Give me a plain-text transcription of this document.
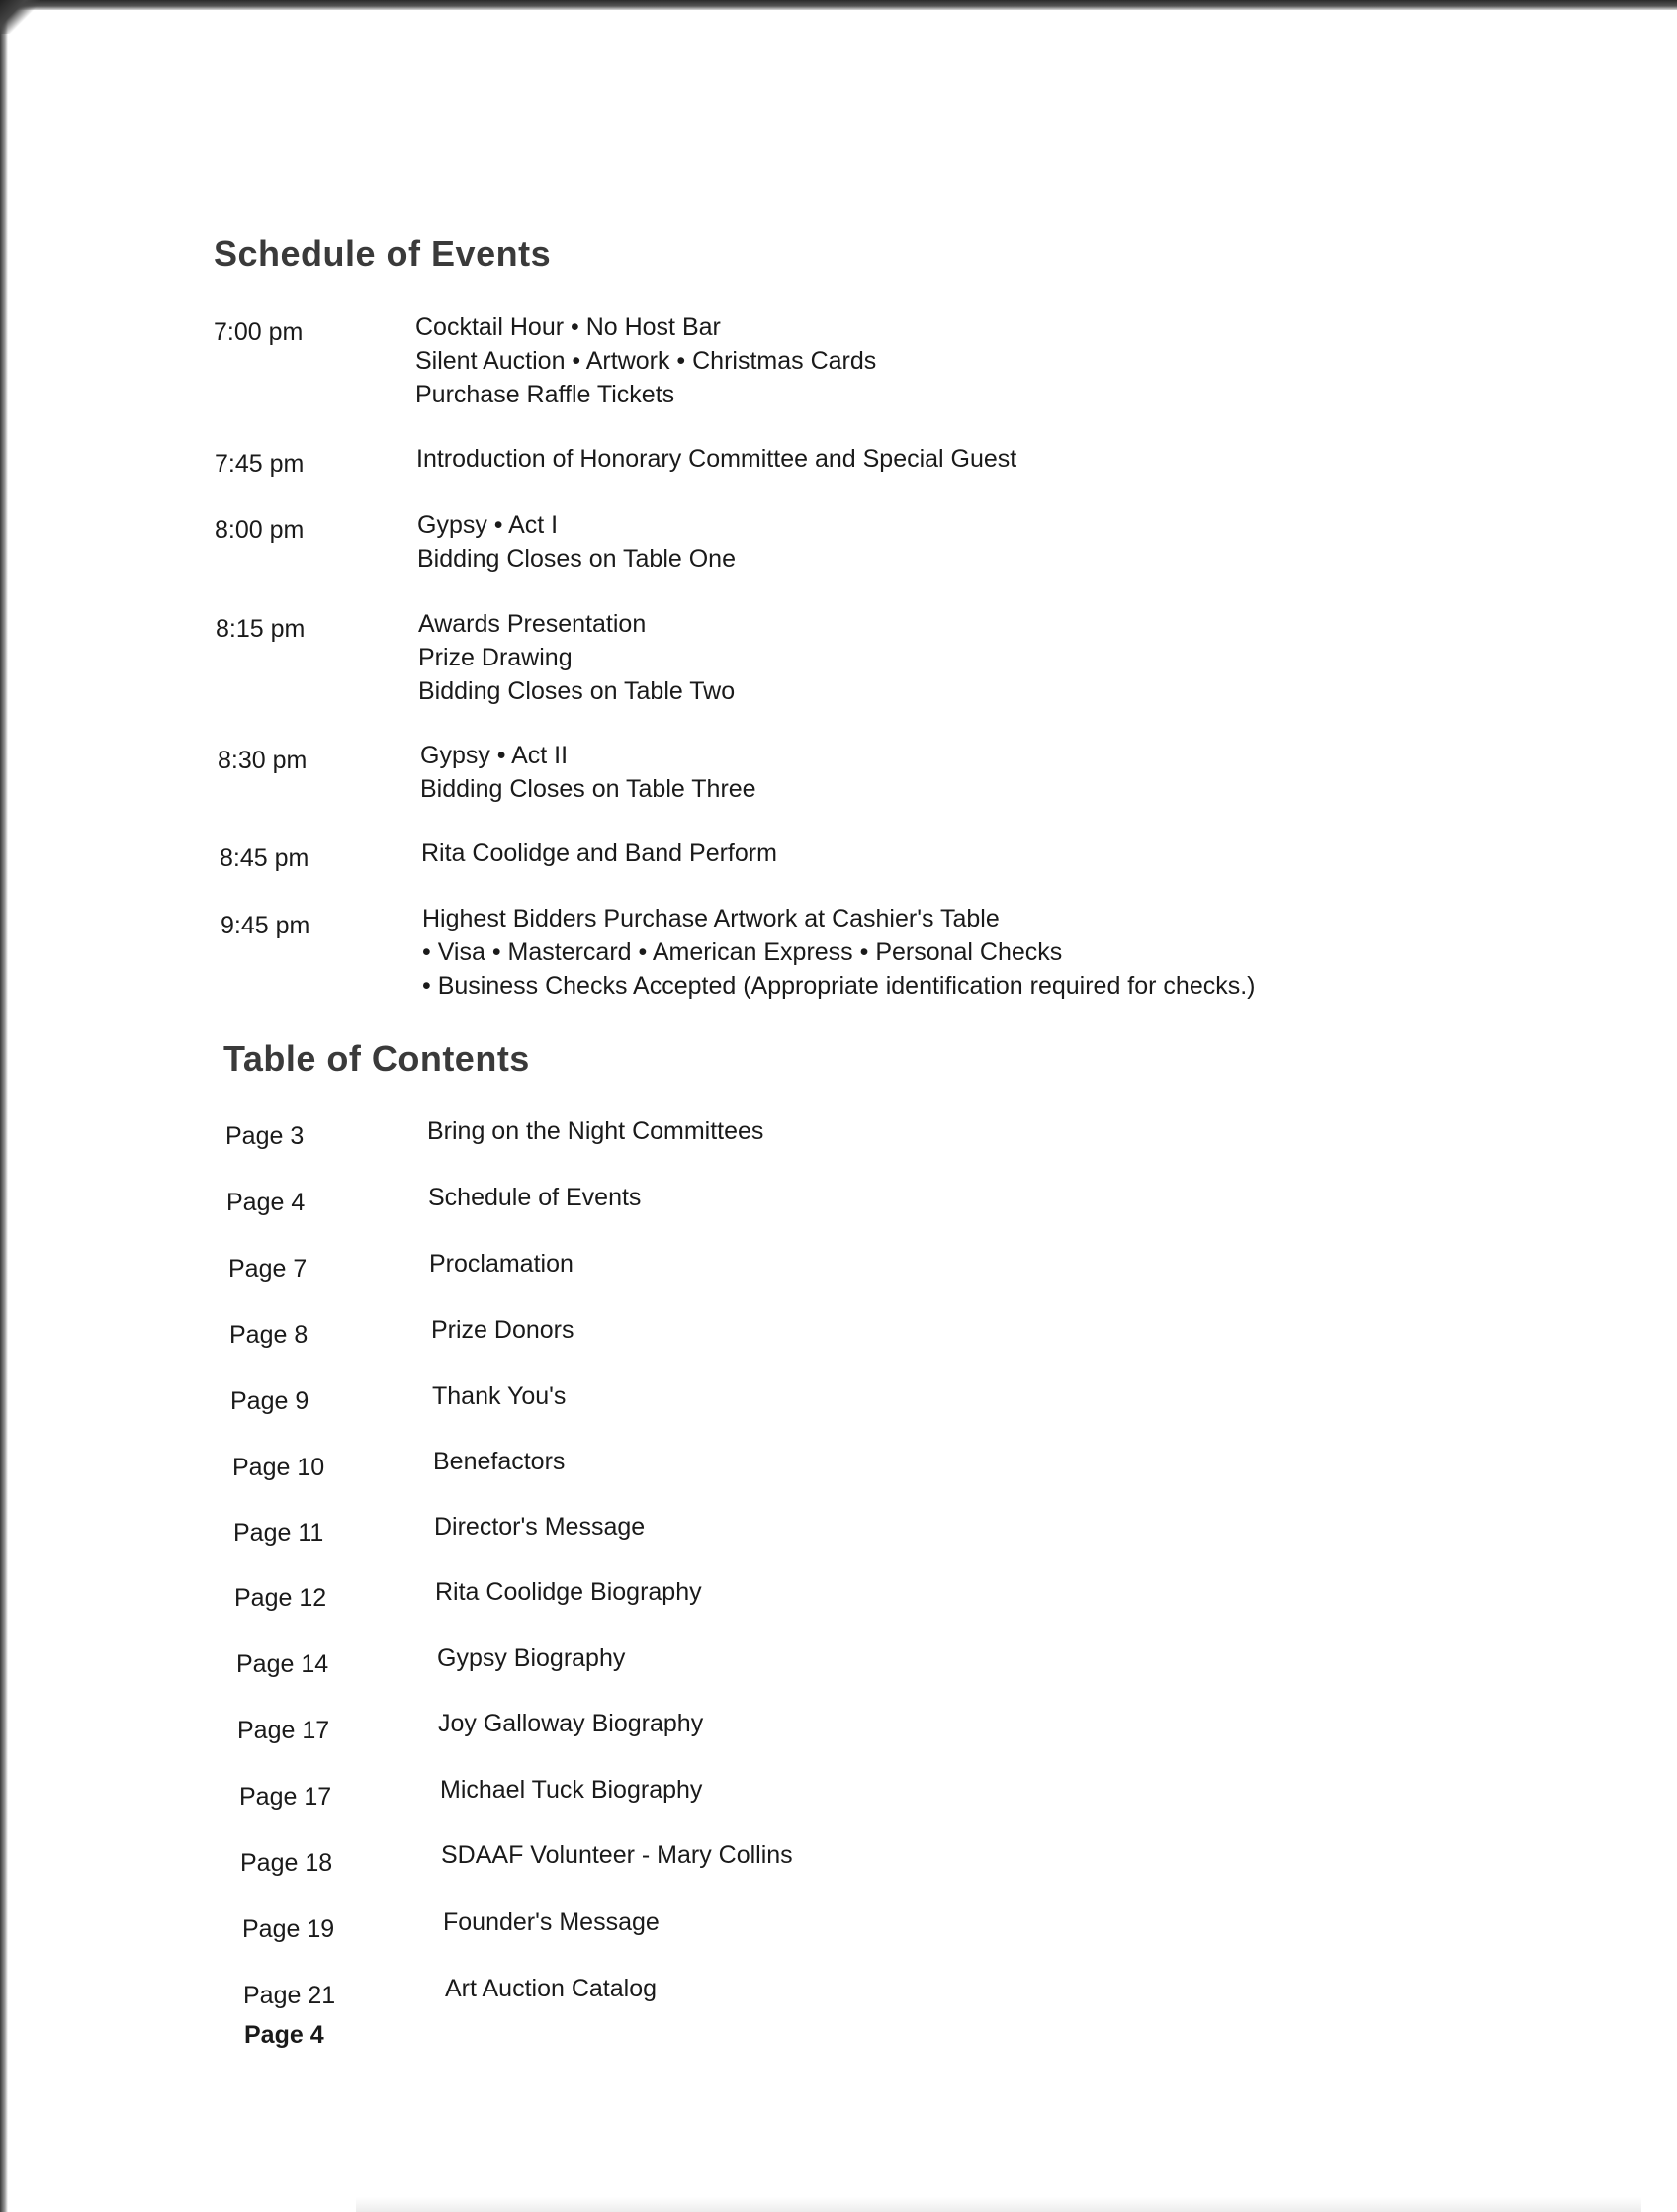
Schedule of Events
7:00 pm	Cocktail Hour • No Host Bar
Silent Auction • Artwork • Christmas Cards
Purchase Raffle Tickets
7:45 pm	Introduction of Honorary Committee and Special Guest
8:00 pm	Gypsy • Act I
Bidding Closes on Table One
8:15 pm	Awards Presentation
Prize Drawing
Bidding Closes on Table Two
8:30 pm	Gypsy • Act II
Bidding Closes on Table Three
8:45 pm	Rita Coolidge and Band Perform
9:45 pm	Highest Bidders Purchase Artwork at Cashier's Table
• Visa • Mastercard • American Express • Personal Checks
• Business Checks Accepted (Appropriate identification required for checks.)
Table of Contents
Page 3	Bring on the Night Committees
Page 4	Schedule of Events
Page 7	Proclamation
Page 8	Prize Donors
Page 9	Thank You's
Page 10	Benefactors
Page 11	Director's Message
Page 12	Rita Coolidge Biography
Page 14	Gypsy Biography
Page 17	Joy Galloway Biography
Page 17	Michael Tuck Biography
Page 18	SDAAF Volunteer - Mary Collins
Page 19	Founder's Message
Page 21	Art Auction Catalog
Page 4
